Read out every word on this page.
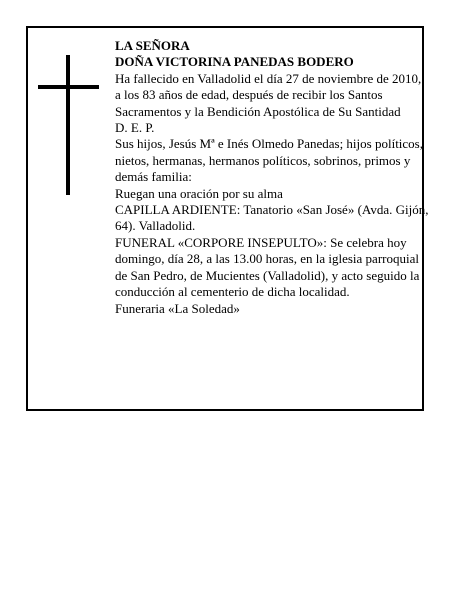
LA SEÑORA

DOÑA VICTORINA PANEDAS BODERO

Ha fallecido en Valladolid el día 27 de noviembre de 2010, a los 83 años de edad, después de recibir los Santos Sacramentos y la Bendición Apostólica de Su Santidad

D. E. P.

Sus hijos, Jesús Mª e Inés Olmedo Panedas; hijos políticos, nietos, hermanas, hermanos políticos, sobrinos, primos y demás familia:

Ruegan una oración por su alma

CAPILLA ARDIENTE: Tanatorio «San José» (Avda. Gijón, 64). Valladolid.

FUNERAL «CORPORE INSEPULTO»: Se celebra hoy domingo, día 28, a las 13.00 horas, en la iglesia parroquial de San Pedro, de Mucientes (Valladolid), y acto seguido la conducción al cementerio de dicha localidad.

Funeraria «La Soledad»
